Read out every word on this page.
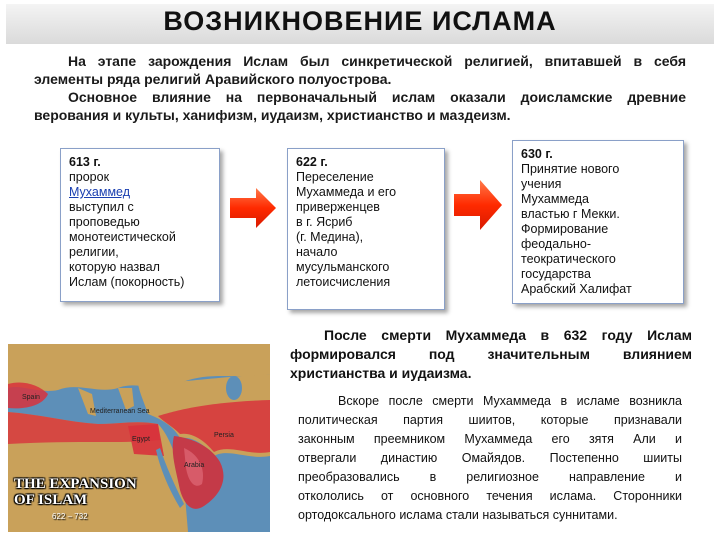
ВОЗНИКНОВЕНИЕ ИСЛАМА

На этапе зарождения Ислам был синкретической религией, впитавшей в себя элементы ряда религий Аравийского полуострова.

Основное влияние на первоначальный ислам оказали доисламские древние верования и культы, ханифизм, иудаизм, христианство и маздеизм.

613 г.
пророк
Мухаммед
выступил с
проповедью
монотеистической
религии,
которую назвал
Ислам (покорность)
622 г.
Переселение
Мухаммеда и его
приверженцев
в г. Ясриб
(г. Медина),
начало
мусульманского
летоисчисления
630 г.
Принятие нового
учения
Мухаммеда
властью г Мекки.
Формирование
феодально-
теократического
государства
Арабский Халифат
Spain
Mediterranean Sea
Egypt
Persia
Arabia
THE EXPANSION
OF ISLAM
622 – 732
После смерти Мухаммеда в 632 году Ислам
формировался под значительным влиянием
христианства и иудаизма.
Вскоре после смерти Мухаммеда в исламе возникла
политическая партия шиитов, которые признавали
законным преемником Мухаммеда его зятя Али и
отвергали династию Омайядов. Постепенно шииты
преобразовались в религиозное направление и
откололись от основного течения ислама. Сторонники
ортодоксального ислама стали называться суннитами.
